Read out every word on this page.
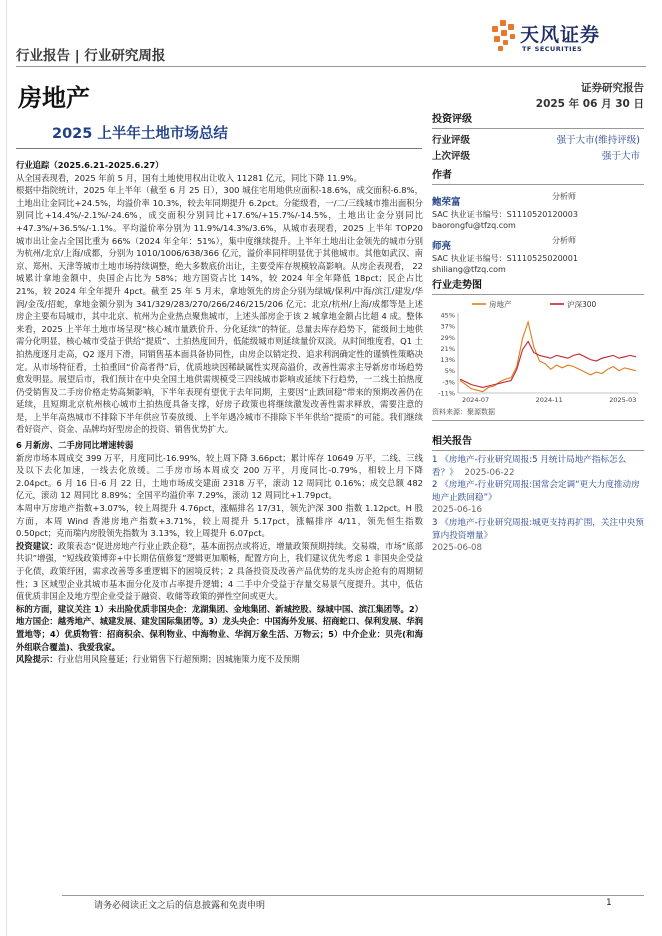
行业报告 | 行业研究周报
天风证券
TF SECURITIES
房地产	证券研究报告
2025 年 06 月 30 日
2025 上半年土地市场总结
投资评级
行业评级	强于大市(维持评级)
上次评级	强于大市
作者
鲍荣富
分析师
SAC 执业证书编号：S1110520120003
baorongfu@tfzq.com
师亮
分析师
SAC 执业证书编号：S1110525020001
shiliang@tfzq.com
行业走势图
房地产	沪深300
45%
37%
29%
21%
13%
5%
-3%
-11%
2024-07	2024-11	2025-03
资料来源：聚源数据
相关报告
1 《房地产-行业研究周报:5 月统计局地产指标怎么看？》 2025-06-22
2 《房地产-行业研究周报:国常会定调“更大力度推动房地产止跌回稳”》
2025-06-16
3 《房地产-行业研究周报:城更支持再扩围，关注中央预算内投资增量》
2025-06-08

行业追踪（2025.6.21-2025.6.27）

从全国表现看，2025 年前 5 月，国有土地使用权出让收入 11281 亿元，同比下降 11.9%。

根据中指院统计，2025 年上半年（截至 6 月 25 日），300 城住宅用地供应面积-18.6%，成交面积-6.8%，土地出让金同比+24.5%，均溢价率 10.3%，较去年同期提升 6.2pct。分能级看，一/二/三线城市推出面积分别同比+14.4%/-2.1%/-24.6%，成交面积分别同比+17.6%/+15.7%/-14.5%，土地出让金分别同比+47.3%/+36.5%/-1.1%。平均溢价率分别为 11.9%/14.3%/3.6%，从城市表现看，2025 上半年 TOP20 城市出让金占全国比重为 66%（2024 年全年：51%），集中度继续提升。上半年土地出让金领先的城市分别为杭州/北京/上海/成都，分别为 1010/1006/638/366 亿元，溢价率同样明显优于其他城市。其他如武汉、南京、郑州、天津等城市土地市场持续调整，绝大多数底价出让，主要受库存规模较高影响。从房企表现看， 22 城累计拿地金额中，央国企占比为 58%；地方国资占比 14%，较 2024 年全年降低 18pct；民企占比 21%，较 2024 年全年提升 4pct。截至 25 年 5 月末，拿地领先的房企分别为绿城/保利/中海/滨江/建发/华润/金茂/招蛇，拿地金额分别为 341/329/283/270/266/246/215/206 亿元；北京/杭州/上海/成都等是上述房企主要布局城市，其中北京、杭州为企业热点聚焦城市，上述头部房企于该 2 城拿地金额占比超 4 成。整体来看，2025 上半年土地市场呈现“核心城市量跌价升、分化延续”的特征。总量去库存趋势下，能级间土地供需分化明显，核心城市受益于供给“提质”、土拍热度回升，低能级城市则延续量价双淡。从时间维度看，Q1 土拍热度逐月走高，Q2 逐月下滑，同销售基本面具备协同性，由房企以销定投、追求利润确定性的谨慎性策略决定。从市场特征看，土拍重回“价高者得”后，优质地块因稀缺属性实现高溢价，改善性需求主导新房市场趋势愈发明显。展望后市，我们预计在中央全国土地供需规模受三四线城市影响或延续下行趋势，一二线土拍热度仍受销售及二手房价格走势高频影响，下半年表现有望优于去年同期，主要因“止跌回稳”带来的预期改善仍在延续，且短期北京杭州核心城市土拍热度具备支撑，好房子政策也将继续激发改善性需求释放，需要注意的是，上半年高热城市不排除下半年供应节奏放缓、上半年遇冷城市不排除下半年供给“提质”的可能。我们继续看好资产、资金、品牌均好型房企的投资、销售优势扩大。

6 月新房、二手房同比增速转弱

新房市场本周成交 399 万平，月度同比-16.99%，较上周下降 3.66pct；累计库存 10649 万平，二线、三线及以下去化加速，一线去化放缓。二手房市场本周成交 200 万平，月度同比-0.79%，相较上月下降 2.04pct。6 月 16 日-6 月 22 日，土地市场成交建面 2318 万平，滚动 12 周同比 0.16%；成交总额 482 亿元，滚动 12 周同比 8.89%；全国平均溢价率 7.29%，滚动 12 周同比+1.79pct。

本周申万房地产指数+3.07%，较上周提升 4.76pct，涨幅排名 17/31，领先沪深 300 指数 1.12pct。H 股方面，本周 Wind 香港房地产指数+3.71%，较上周提升 5.17pct，涨幅排序 4/11，领先恒生指数 0.50pct；克而瑞内房股领先指数为 3.13%，较上周提升 6.07pct。

投资建议：政策表态“促进房地产行业止跌企稳”，基本面拐点或将近，增量政策预期持续。交易端，市场“底部共识”增强，“短线政策博弈+中长期估值修复”逻辑更加顺畅，配置方向上，我们建议优先考虑 1 非国央企受益于化债，政策纾困，需求改善等多重逻辑下的困境反转；2 具备投资及改善产品优势的龙头房企抢有的周期韧性；3 区域型企业其城市基本面分化及市占率提升逻辑；4 二手中介受益于存量交易景气度提升。其中，低估值优质非国企及地方型企业受益于融资、收储等政策的弹性空间或更大。

标的方面，建议关注 1）未出险优质非国央企：龙湖集团、金地集团、新城控股、绿城中国、滨江集团等。2）地方国企：越秀地产、城建发展、建发国际集团等。3）龙头央企：中国海外发展、招商蛇口、保利发展、华润置地等；4）优质物管：招商积余、保利物业、中海物业、华润万象生活、万物云；5）中介企业：贝壳(和海外组联合覆盖)、我爱我家。

风险提示：行业信用风险蔓延；行业销售下行超预期；因城施策力度不及预期

请务必阅读正文之后的信息披露和免责申明	1
